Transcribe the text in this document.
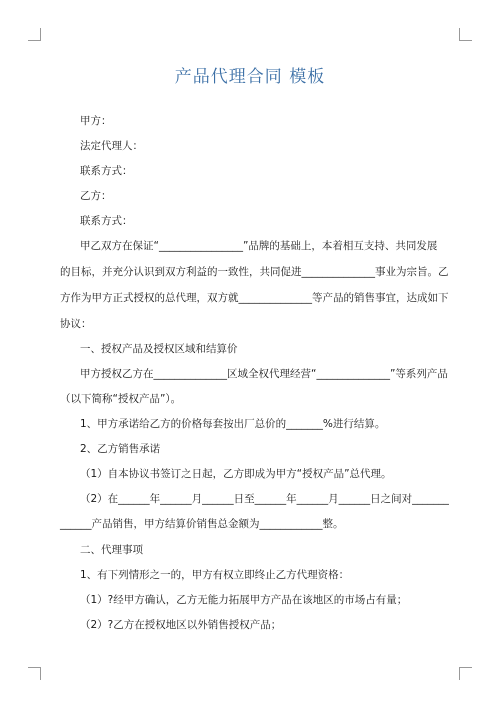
产品代理合同 模板
甲方：
法定代理人：
联系方式：
乙方：
联系方式：
甲乙双方在保证“________________”品牌的基础上，本着相互支持、共同发展
的目标，并充分认识到双方利益的一致性，共同促进______________事业为宗旨。乙
方作为甲方正式授权的总代理，双方就______________等产品的销售事宜，达成如下
协议：
一、授权产品及授权区域和结算价
甲方授权乙方在______________区域全权代理经营“______________”等系列产品
（以下简称“授权产品”）。
1、甲方承诺给乙方的价格每套按出厂总价的_______%进行结算。
2、乙方销售承诺
（1）自本协议书签订之日起，乙方即成为甲方“授权产品”总代理。
（2）在______年______月______日至______年______月______日之间对_______
______产品销售，甲方结算价销售总金额为____________整。
二、代理事项
1、有下列情形之一的，甲方有权立即终止乙方代理资格：
（1）?经甲方确认，乙方无能力拓展甲方产品在该地区的市场占有量；
（2）?乙方在授权地区以外销售授权产品；
